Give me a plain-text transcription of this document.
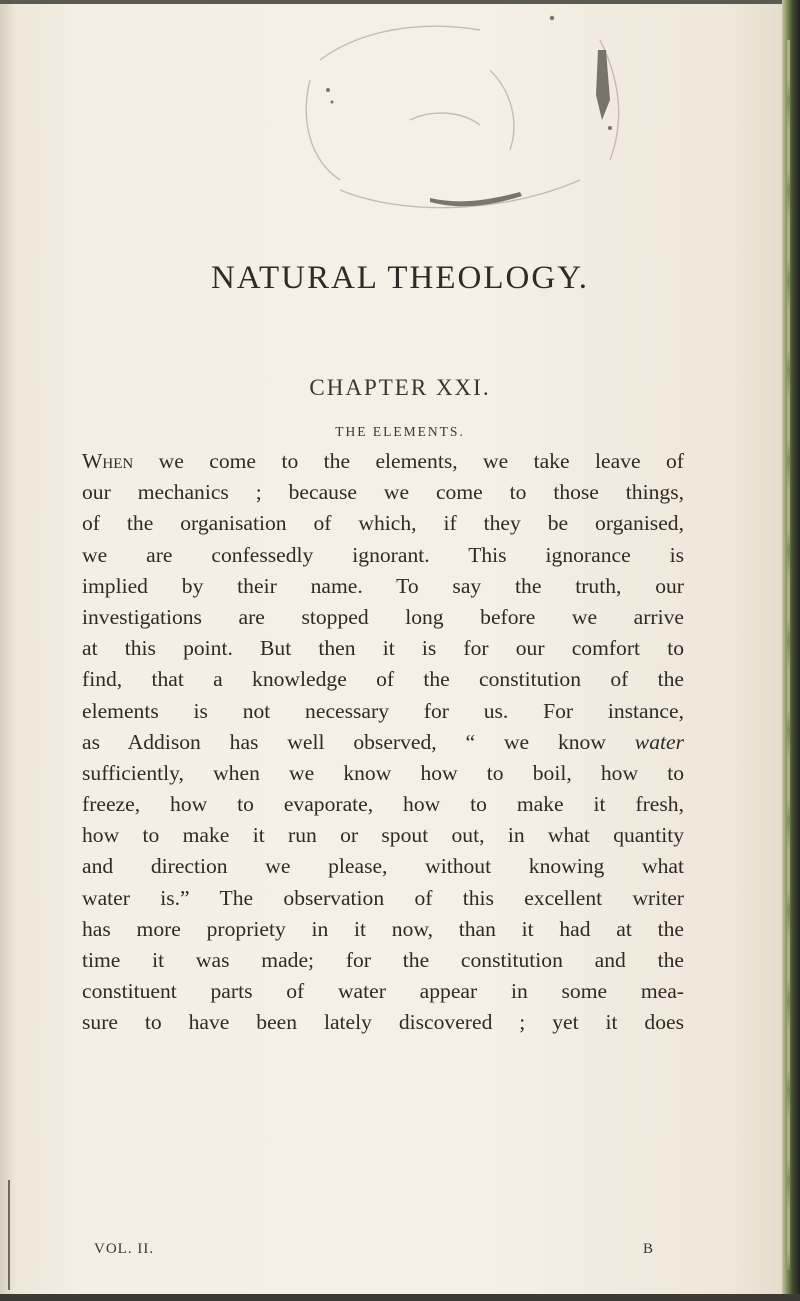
NATURAL THEOLOGY.
CHAPTER XXI.
THE ELEMENTS.
When we come to the elements, we take leave of
our mechanics ; because we come to those things,
of the organisation of which, if they be organised,
we are confessedly ignorant. This ignorance is
implied by their name. To say the truth, our
investigations are stopped long before we arrive
at this point. But then it is for our comfort to
find, that a knowledge of the constitution of the
elements is not necessary for us. For instance,
as Addison has well observed, “ we know water
sufficiently, when we know how to boil, how to
freeze, how to evaporate, how to make it fresh,
how to make it run or spout out, in what quantity
and direction we please, without knowing what
water is.” The observation of this excellent writer
has more propriety in it now, than it had at the
time it was made; for the constitution and the
constituent parts of water appear in some mea-
sure to have been lately discovered ; yet it does
VOL. II.	B
